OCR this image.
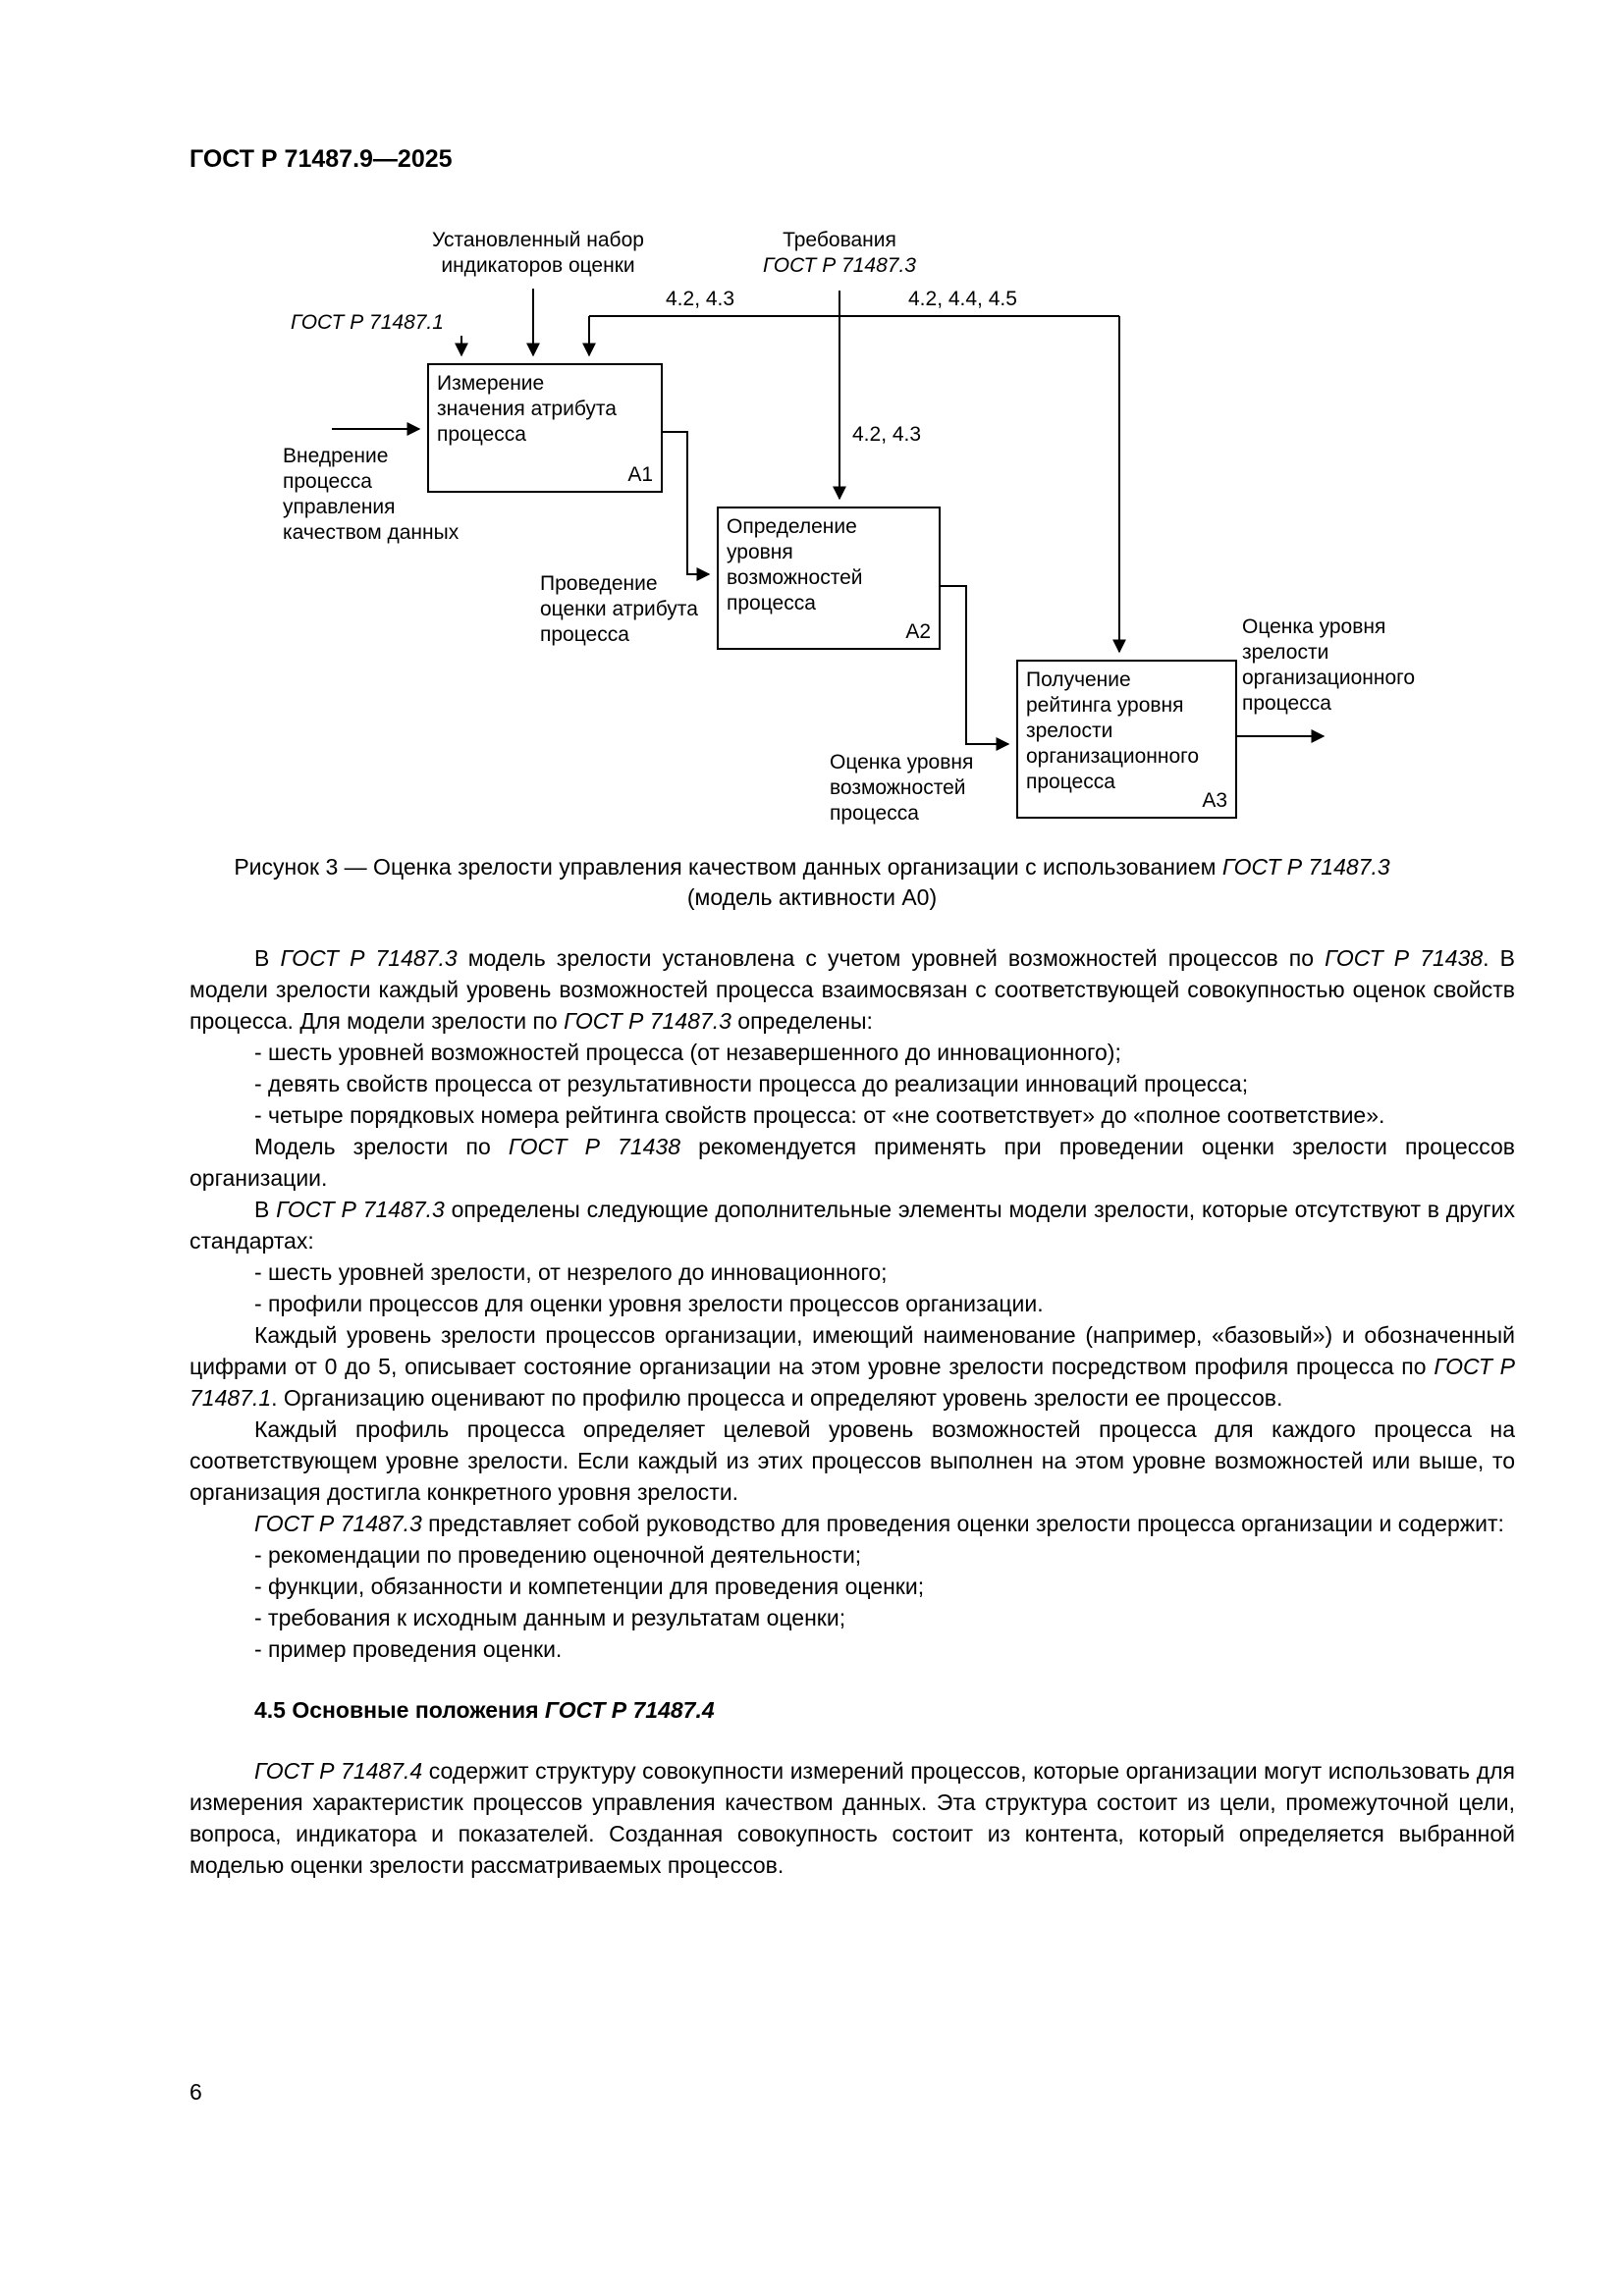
ГОСТ Р 71487.9—2025
Установленный набор индикаторов оценки
Требования
ГОСТ Р 71487.3
ГОСТ Р 71487.1
4.2, 4.3	4.2, 4.4, 4.5
4.2, 4.3
Измерение значения атрибута процесса
A1
Внедрение процесса управления качеством данных	Определение уровня возможностей процесса
A2
Проведение оценки атрибута процесса
Получение рейтинга уровня зрелости организационного процесса
A3
Оценка уровня возможностей процесса
Оценка уровня зрелости организационного процесса
Рисунок 3 — Оценка зрелости управления качеством данных организации с использованием ГОСТ Р 71487.3
(модель активности А0)

В ГОСТ Р 71487.3 модель зрелости установлена с учетом уровней возможностей процессов по ГОСТ Р 71438. В модели зрелости каждый уровень возможностей процесса взаимосвязан с соответствующей совокупностью оценок свойств процесса. Для модели зрелости по ГОСТ Р 71487.3 определены:

- шесть уровней возможностей процесса (от незавершенного до инновационного);

- девять свойств процесса от результативности процесса до реализации инноваций процесса;

- четыре порядковых номера рейтинга свойств процесса: от «не соответствует» до «полное соответствие».

Модель зрелости по ГОСТ Р 71438 рекомендуется применять при проведении оценки зрелости процессов организации.

В ГОСТ Р 71487.3 определены следующие дополнительные элементы модели зрелости, которые отсутствуют в других стандартах:

- шесть уровней зрелости, от незрелого до инновационного;

- профили процессов для оценки уровня зрелости процессов организации.

Каждый уровень зрелости процессов организации, имеющий наименование (например, «базовый») и обозначенный цифрами от 0 до 5, описывает состояние организации на этом уровне зрелости посредством профиля процесса по ГОСТ Р 71487.1. Организацию оценивают по профилю процесса и определяют уровень зрелости ее процессов.

Каждый профиль процесса определяет целевой уровень возможностей процесса для каждого процесса на соответствующем уровне зрелости. Если каждый из этих процессов выполнен на этом уровне возможностей или выше, то организация достигла конкретного уровня зрелости.

ГОСТ Р 71487.3 представляет собой руководство для проведения оценки зрелости процесса организации и содержит:

- рекомендации по проведению оценочной деятельности;

- функции, обязанности и компетенции для проведения оценки;

- требования к исходным данным и результатам оценки;

- пример проведения оценки.

4.5 Основные положения ГОСТ Р 71487.4

ГОСТ Р 71487.4 содержит структуру совокупности измерений процессов, которые организации могут использовать для измерения характеристик процессов управления качеством данных. Эта структура состоит из цели, промежуточной цели, вопроса, индикатора и показателей. Созданная совокупность состоит из контента, который определяется выбранной моделью оценки зрелости рассматриваемых процессов.

6
